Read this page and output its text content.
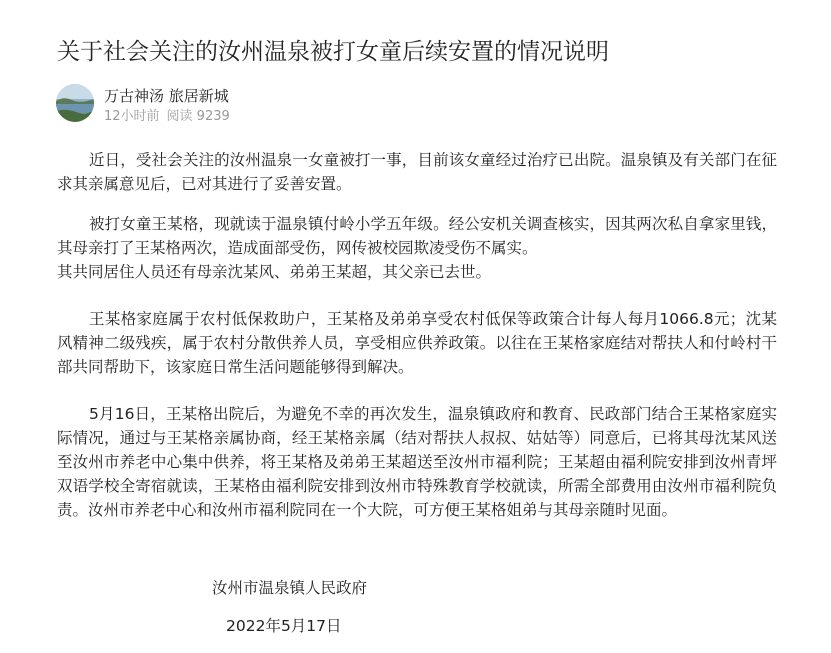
关于社会关注的汝州温泉被打女童后续安置的情况说明
万古神汤 旅居新城
12小时前 阅读 9239

近日，受社会关注的汝州温泉一女童被打一事，目前该女童经过治疗已出院。温泉镇及有关部门在征求其亲属意见后，已对其进行了妥善安置。

被打女童王某格，现就读于温泉镇付岭小学五年级。经公安机关调查核实，因其两次私自拿家里钱，其母亲打了王某格两次，造成面部受伤，网传被校园欺凌受伤不属实。

其共同居住人员还有母亲沈某风、弟弟王某超，其父亲已去世。

王某格家庭属于农村低保救助户，王某格及弟弟享受农村低保等政策合计每人每月1066.8元；沈某风精神二级残疾，属于农村分散供养人员，享受相应供养政策。以往在王某格家庭结对帮扶人和付岭村干部共同帮助下，该家庭日常生活问题能够得到解决。

5月16日，王某格出院后，为避免不幸的再次发生，温泉镇政府和教育、民政部门结合王某格家庭实际情况，通过与王某格亲属协商，经王某格亲属（结对帮扶人叔叔、姑姑等）同意后，已将其母沈某风送至汝州市养老中心集中供养，将王某格及弟弟王某超送至汝州市福利院；王某超由福利院安排到汝州青坪双语学校全寄宿就读，王某格由福利院安排到汝州市特殊教育学校就读，所需全部费用由汝州市福利院负责。汝州市养老中心和汝州市福利院同在一个大院，可方便王某格姐弟与其母亲随时见面。

汝州市温泉镇人民政府
2022年5月17日
